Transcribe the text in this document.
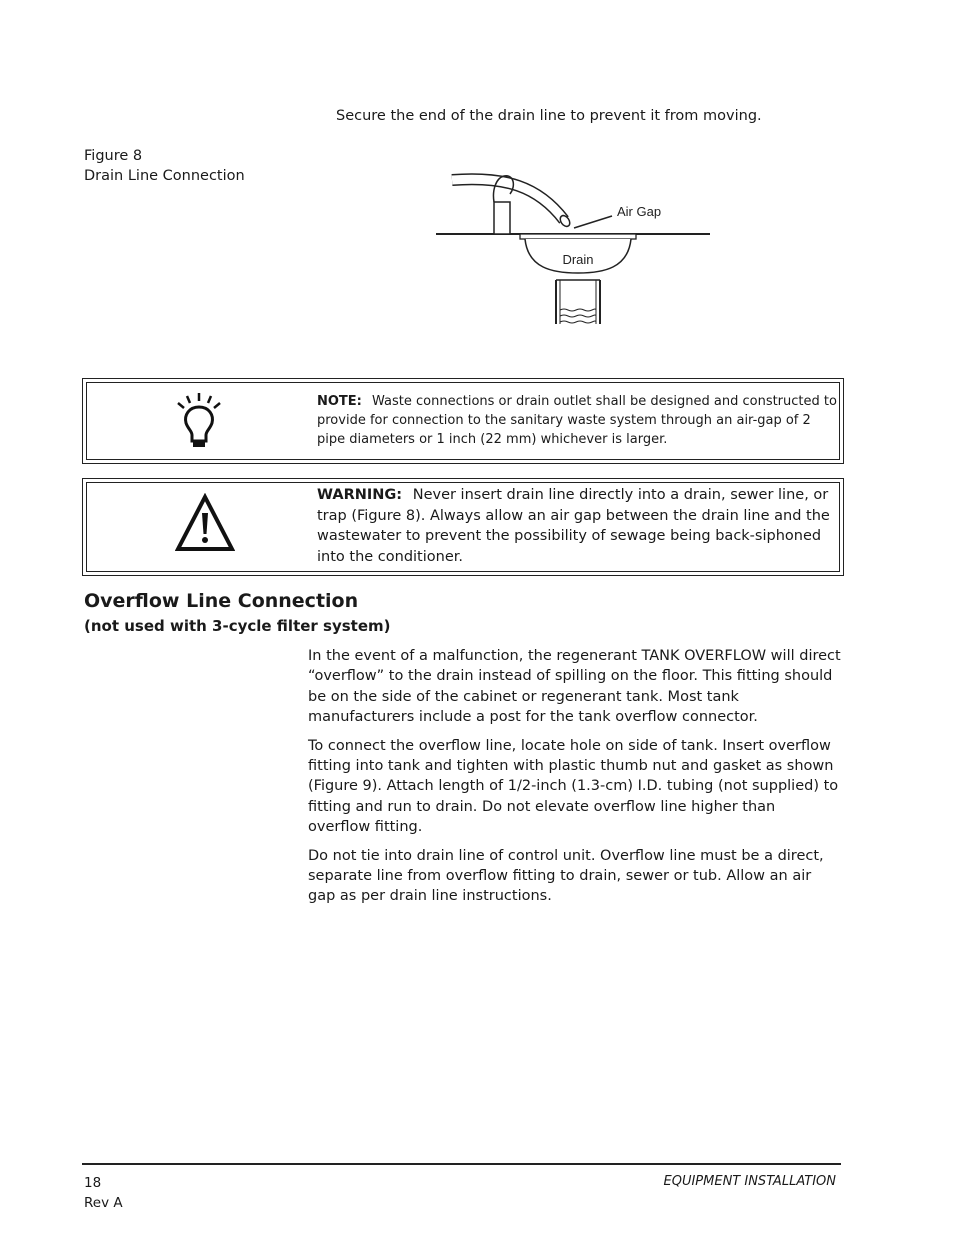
Secure the end of the drain line to prevent it from moving.
Figure 8
Drain Line Connection
Drain
Air Gap
NOTE: Waste connections or drain outlet shall be designed and constructed to provide for connection to the sanitary waste system through an air-gap of 2 pipe diameters or 1 inch (22 mm) whichever is larger.
WARNING: Never insert drain line directly into a drain, sewer line, or trap (Figure 8). Always allow an air gap between the drain line and the wastewater to prevent the possibility of sewage being back-siphoned into the conditioner.
Overflow Line Connection
(not used with 3-cycle filter system)

In the event of a malfunction, the regenerant TANK OVERFLOW will direct “overflow” to the drain instead of spilling on the floor. This fitting should be on the side of the cabinet or regenerant tank. Most tank manufacturers include a post for the tank overflow connector.

To connect the overflow line, locate hole on side of tank. Insert overflow fitting into tank and tighten with plastic thumb nut and gasket as shown (Figure 9). Attach length of 1/2-inch (1.3-cm) I.D. tubing (not supplied) to fitting and run to drain. Do not elevate overflow line higher than overflow fitting.

Do not tie into drain line of control unit. Overflow line must be a direct, separate line from overflow fitting to drain, sewer or tub. Allow an air gap as per drain line instructions.

18
Rev A
EQUIPMENT INSTALLATION
